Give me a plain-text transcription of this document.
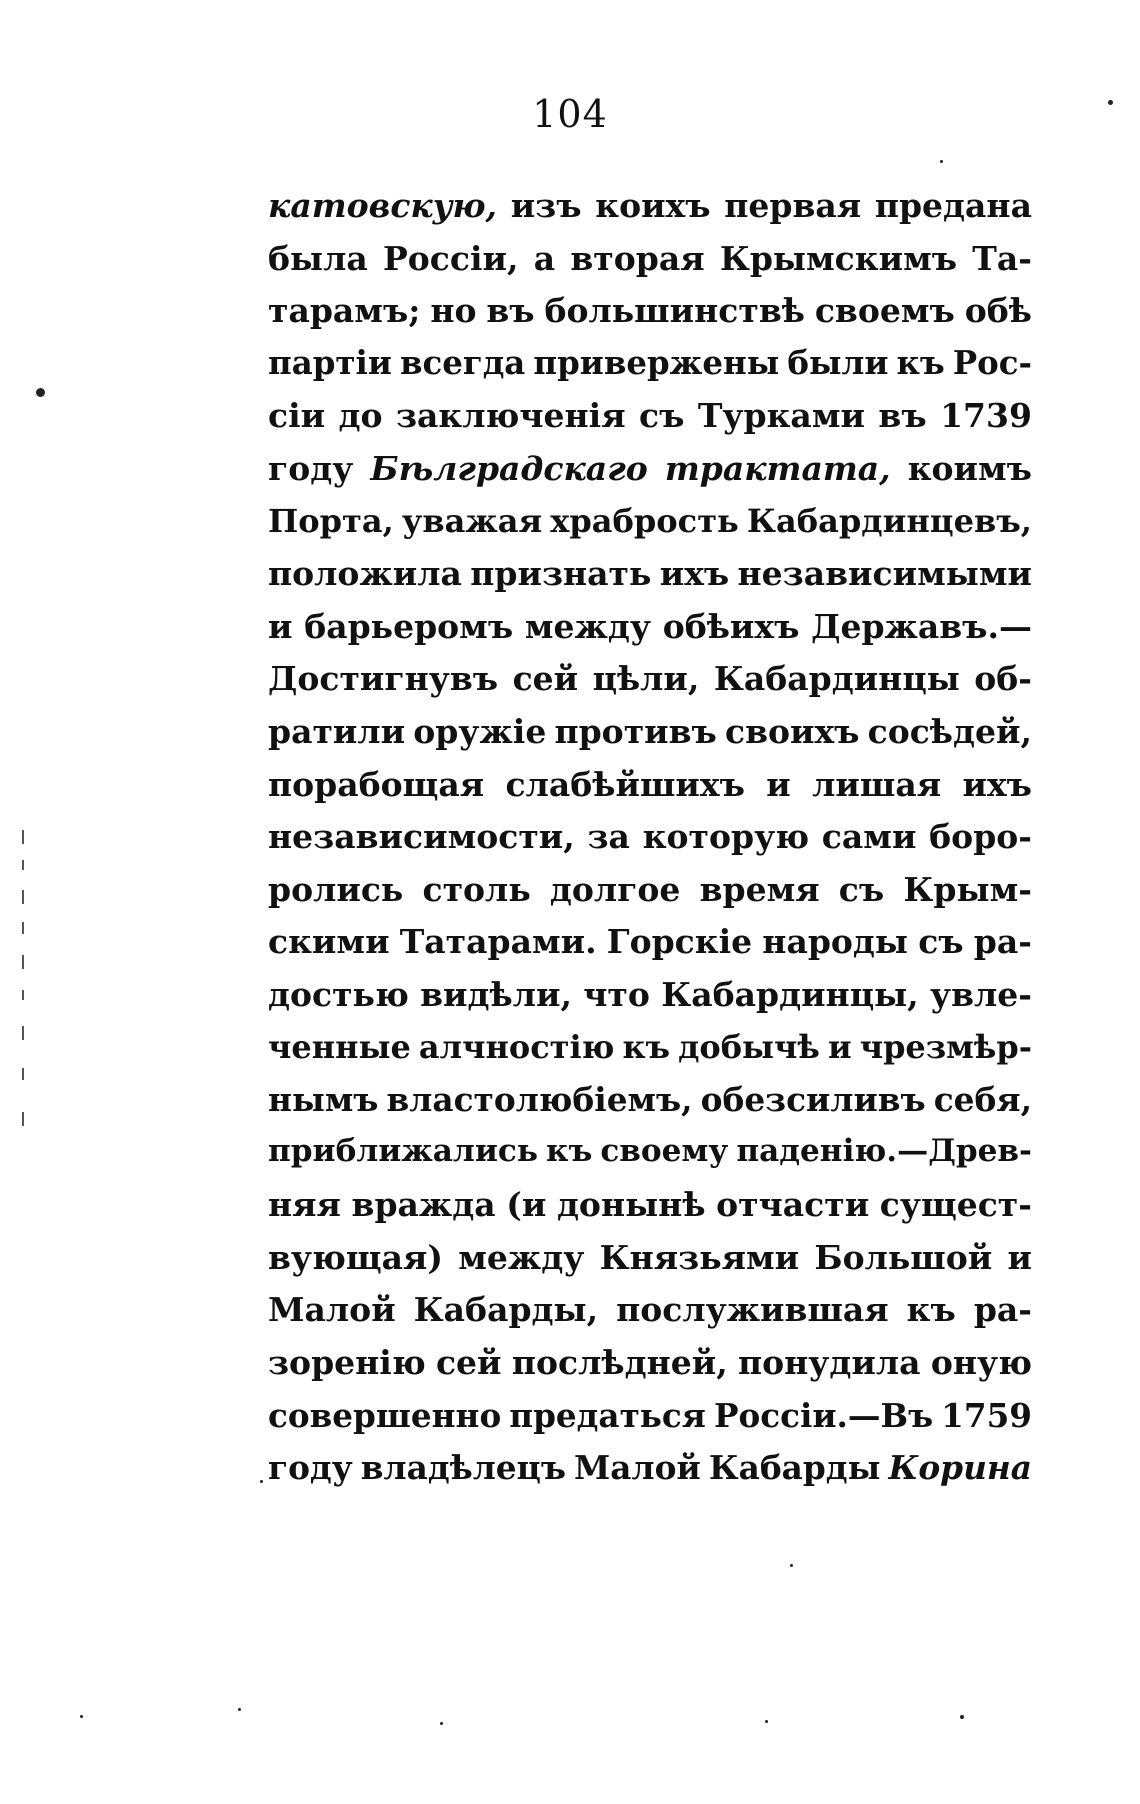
104
катовскую, изъ коихъ первая предана
была Россіи, а вторая Крымскимъ Та-
тарамъ; но въ большинствѣ своемъ обѣ
партіи всегда привержены были къ Рос-
сіи до заключенія съ Турками въ 1739
году Бѣлградскаго трактата, коимъ
Порта, уважая храбрость Кабардинцевъ,
положила признать ихъ независимыми
и барьеромъ между обѣихъ Державъ.—
Достигнувъ сей цѣли, Кабардинцы об-
ратили оружіе противъ своихъ сосѣдей,
порабощая слабѣйшихъ и лишая ихъ
независимости, за которую сами боро-
ролись столь долгое время съ Крым-
скими Татарами. Горскіе народы съ ра-
достью видѣли, что Кабардинцы, увле-
ченные алчностію къ добычѣ и чрезмѣр-
нымъ властолюбіемъ, обезсиливъ себя,
приближались къ своему паденію.—Древ-
няя вражда (и донынѣ отчасти сущест-
вующая) между Князьями Большой и
Малой Кабарды, послужившая къ ра-
зоренію сей послѣдней, понудила оную
совершенно предаться Россіи.—Въ 1759
году владѣлецъ Малой Кабарды Корина
